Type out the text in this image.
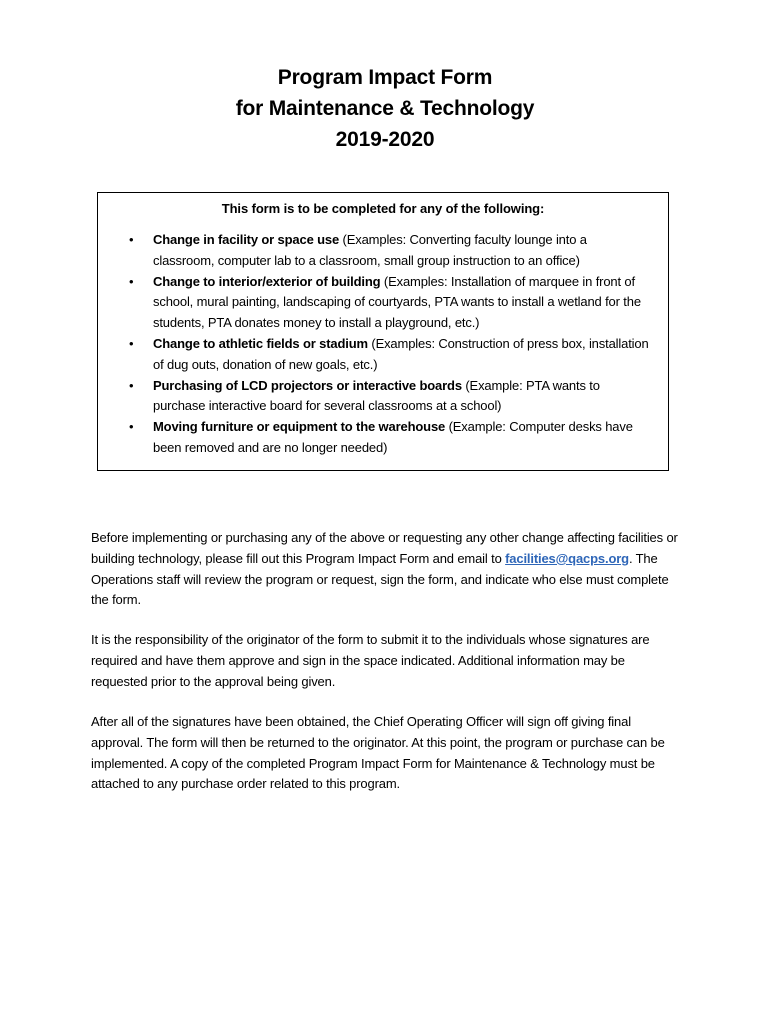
Program Impact Form
for Maintenance & Technology
2019-2020
This form is to be completed for any of the following:
• Change in facility or space use (Examples: Converting faculty lounge into a classroom, computer lab to a classroom, small group instruction to an office)
• Change to interior/exterior of building (Examples: Installation of marquee in front of school, mural painting, landscaping of courtyards, PTA wants to install a wetland for the students, PTA donates money to install a playground, etc.)
• Change to athletic fields or stadium (Examples: Construction of press box, installation of dug outs, donation of new goals, etc.)
• Purchasing of LCD projectors or interactive boards (Example: PTA wants to purchase interactive board for several classrooms at a school)
• Moving furniture or equipment to the warehouse (Example: Computer desks have been removed and are no longer needed)

Before implementing or purchasing any of the above or requesting any other change affecting facilities or building technology, please fill out this Program Impact Form and email to facilities@qacps.org. The Operations staff will review the program or request, sign the form, and indicate who else must complete the form.

It is the responsibility of the originator of the form to submit it to the individuals whose signatures are required and have them approve and sign in the space indicated. Additional information may be requested prior to the approval being given.

After all of the signatures have been obtained, the Chief Operating Officer will sign off giving final approval. The form will then be returned to the originator. At this point, the program or purchase can be implemented. A copy of the completed Program Impact Form for Maintenance & Technology must be attached to any purchase order related to this program.
